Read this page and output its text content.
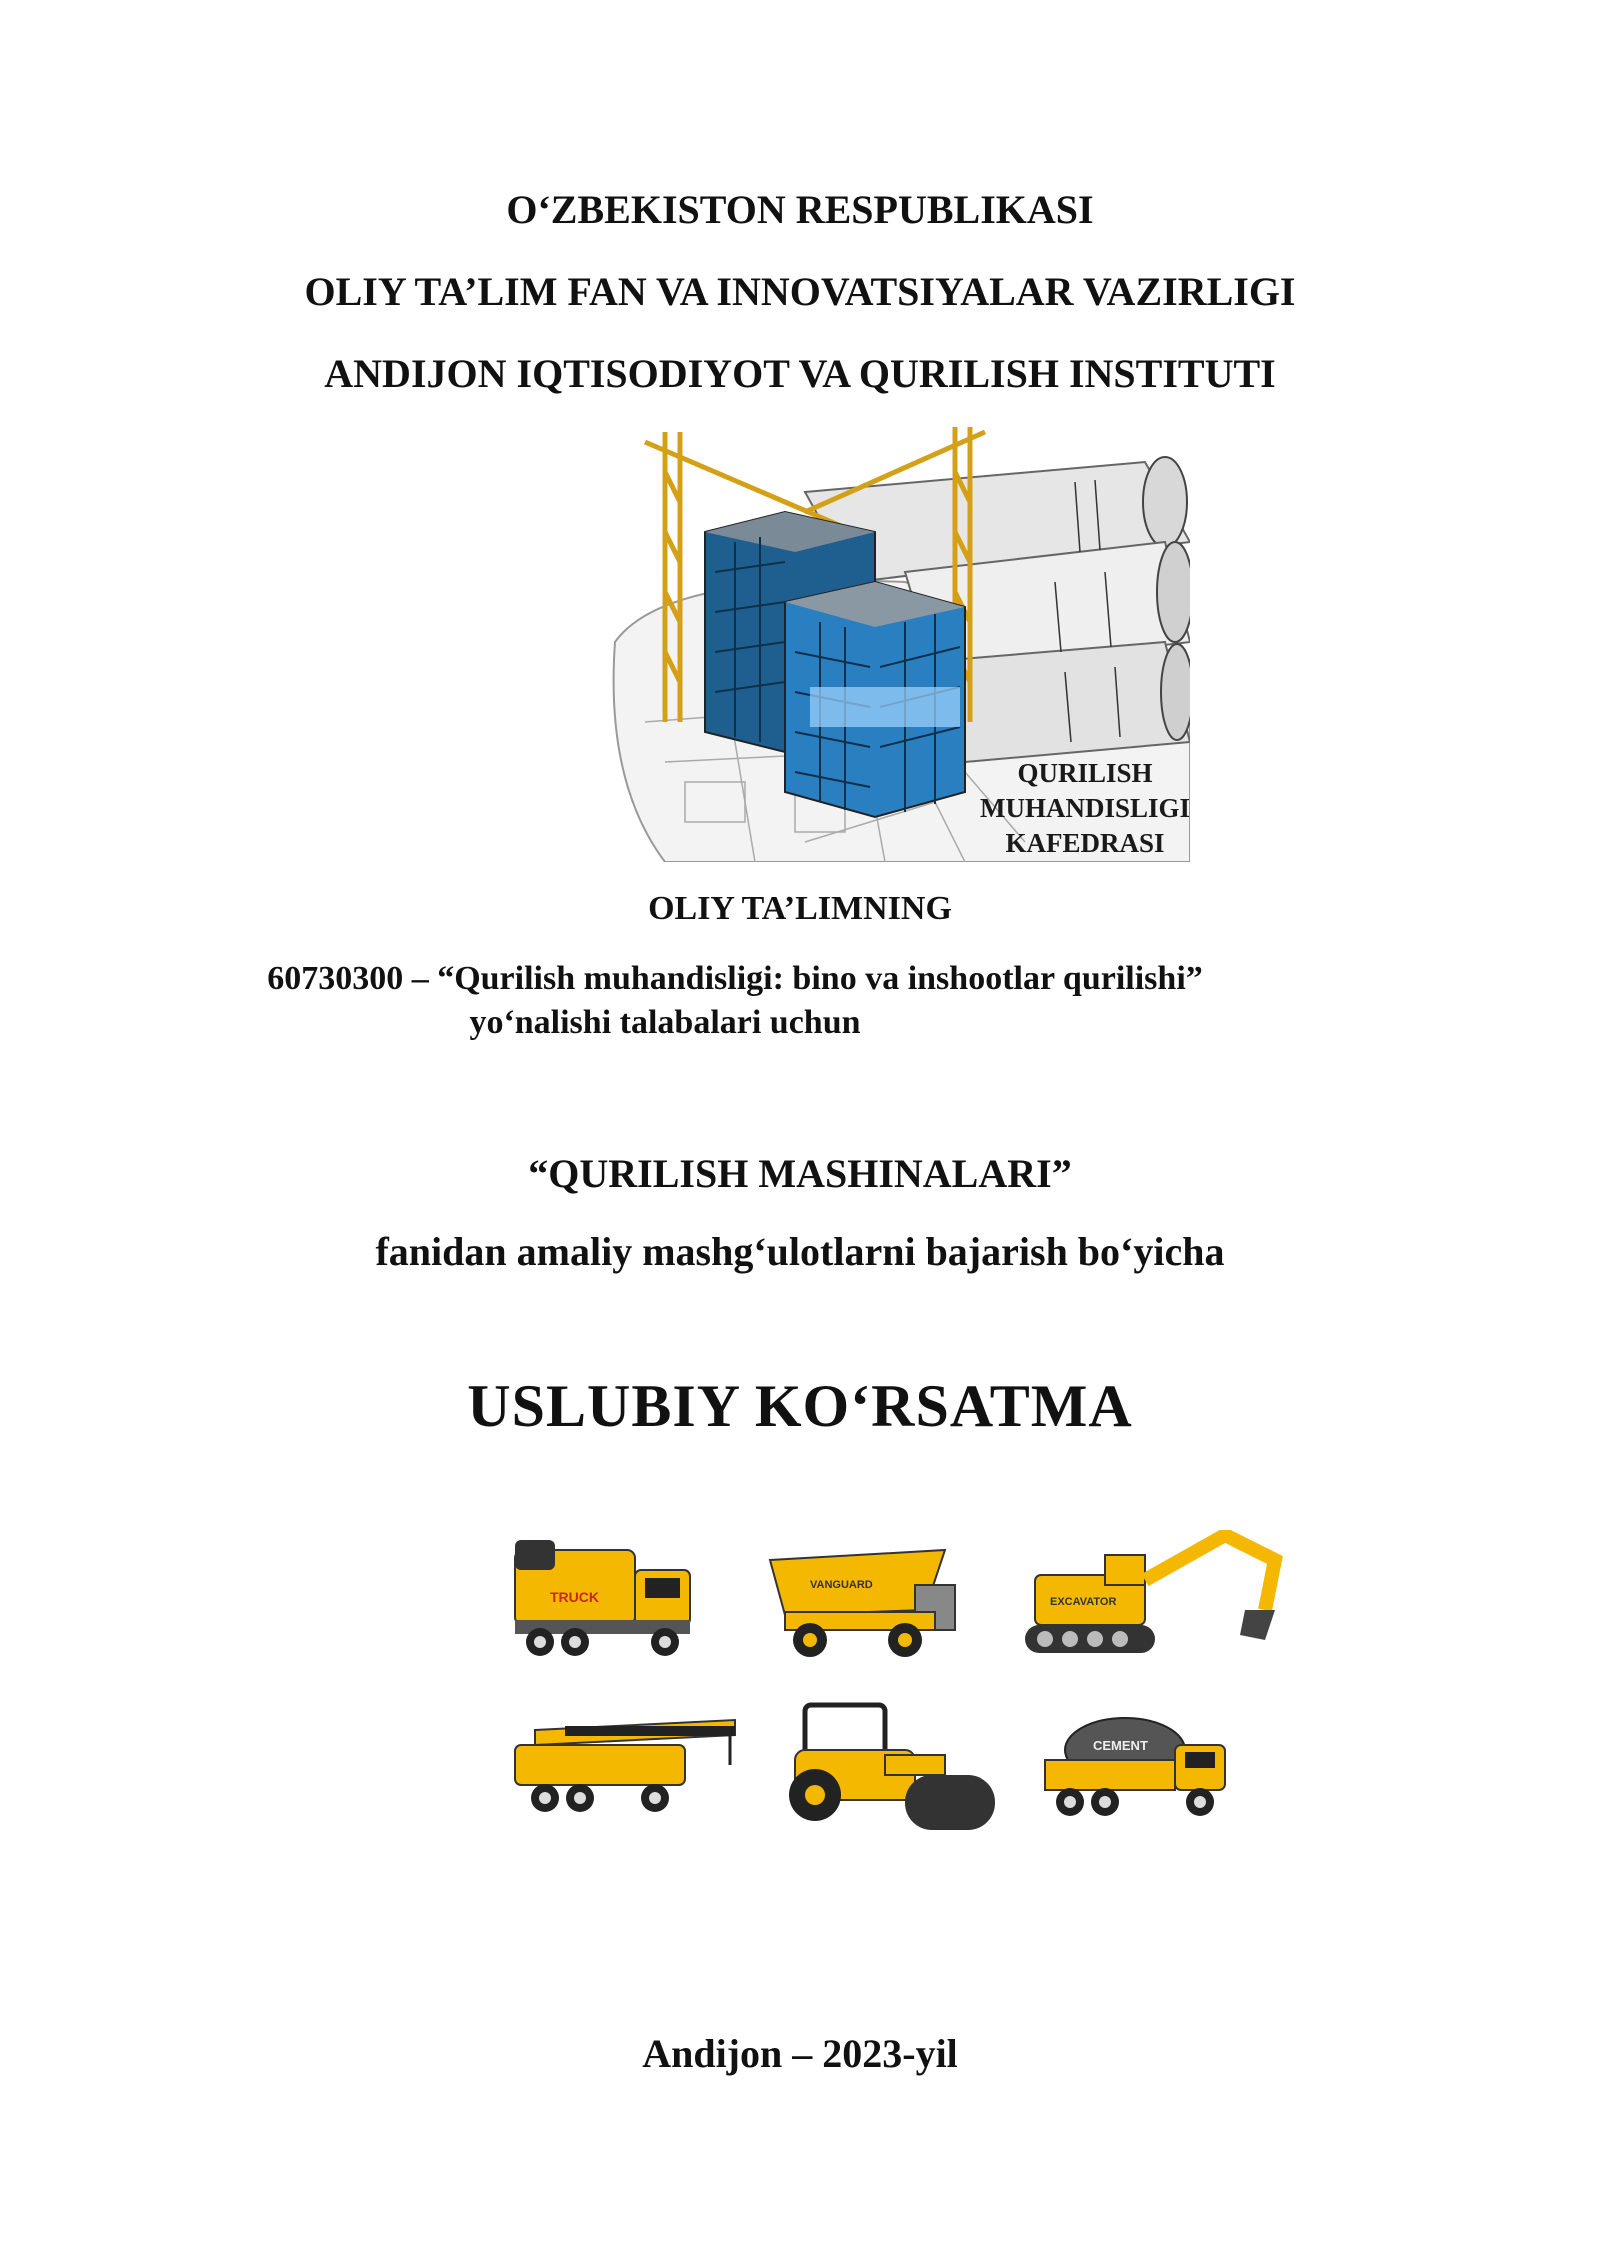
O‘ZBEKISTON RESPUBLIKASI
OLIY TA’LIM FAN VA INNOVATSIYALAR VAZIRLIGI
ANDIJON IQTISODIYOT VA QURILISH INSTITUTI
QURILISH
MUHANDISLIGI
KAFEDRASI
OLIY TA’LIMNING
60730300 – “Qurilish muhandisligi: bino va inshootlar qurilishi”
yo‘nalishi talabalari uchun
“QURILISH MASHINALARI”
fanidan amaliy mashg‘ulotlarni bajarish bo‘yicha
USLUBIY KO‘RSATMA
TRUCK
VANGUARD
EXCAVATOR
CEMENT
Andijon – 2023-yil
